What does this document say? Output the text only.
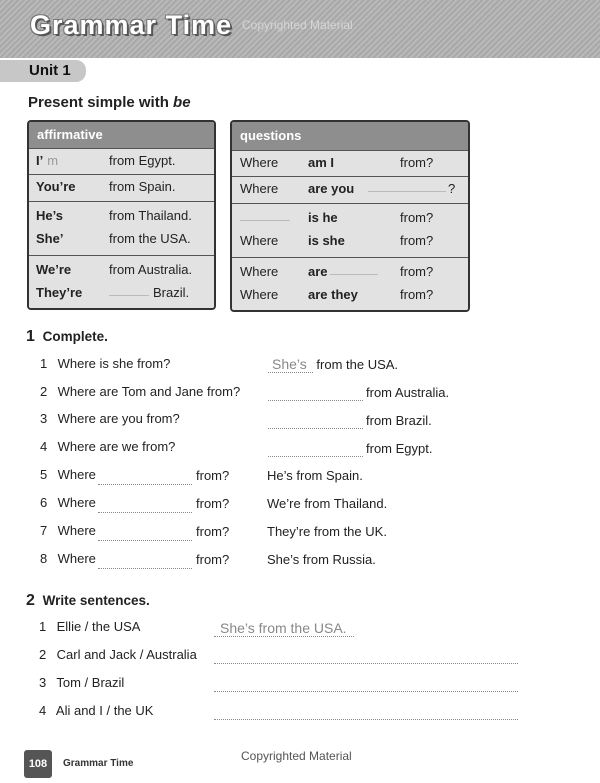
Grammar Time Copyrighted Material
Unit 1
Present simple with be
affirmative
I’ m	from Egypt.
You’re	from Spain.
He’s	from Thailand.
She’	from the USA.
We’re	from Australia.
They’re	Brazil.
questions
Where am I	from?
Where are you	?
is he	from?
Where is she	from?
Where are	from?
Where are they	from?
1 Complete.
1 Where is she from?	She’s from the USA.
2 Where are Tom and Jane from?	from Australia.
3 Where are you from?	from Brazil.
4 Where are we from?	from Egypt.
5 Where	from?	He’s from Spain.
6 Where	from?	We’re from Thailand.
7 Where	from?	They’re from the UK.
8 Where	from?	She’s from Russia.
2 Write sentences.
1 Ellie / the USA	She’s from the USA.
2 Carl and Jack / Australia
3 Tom / Brazil
4 Ali and I / the UK
108	Grammar Time
Copyrighted Material
